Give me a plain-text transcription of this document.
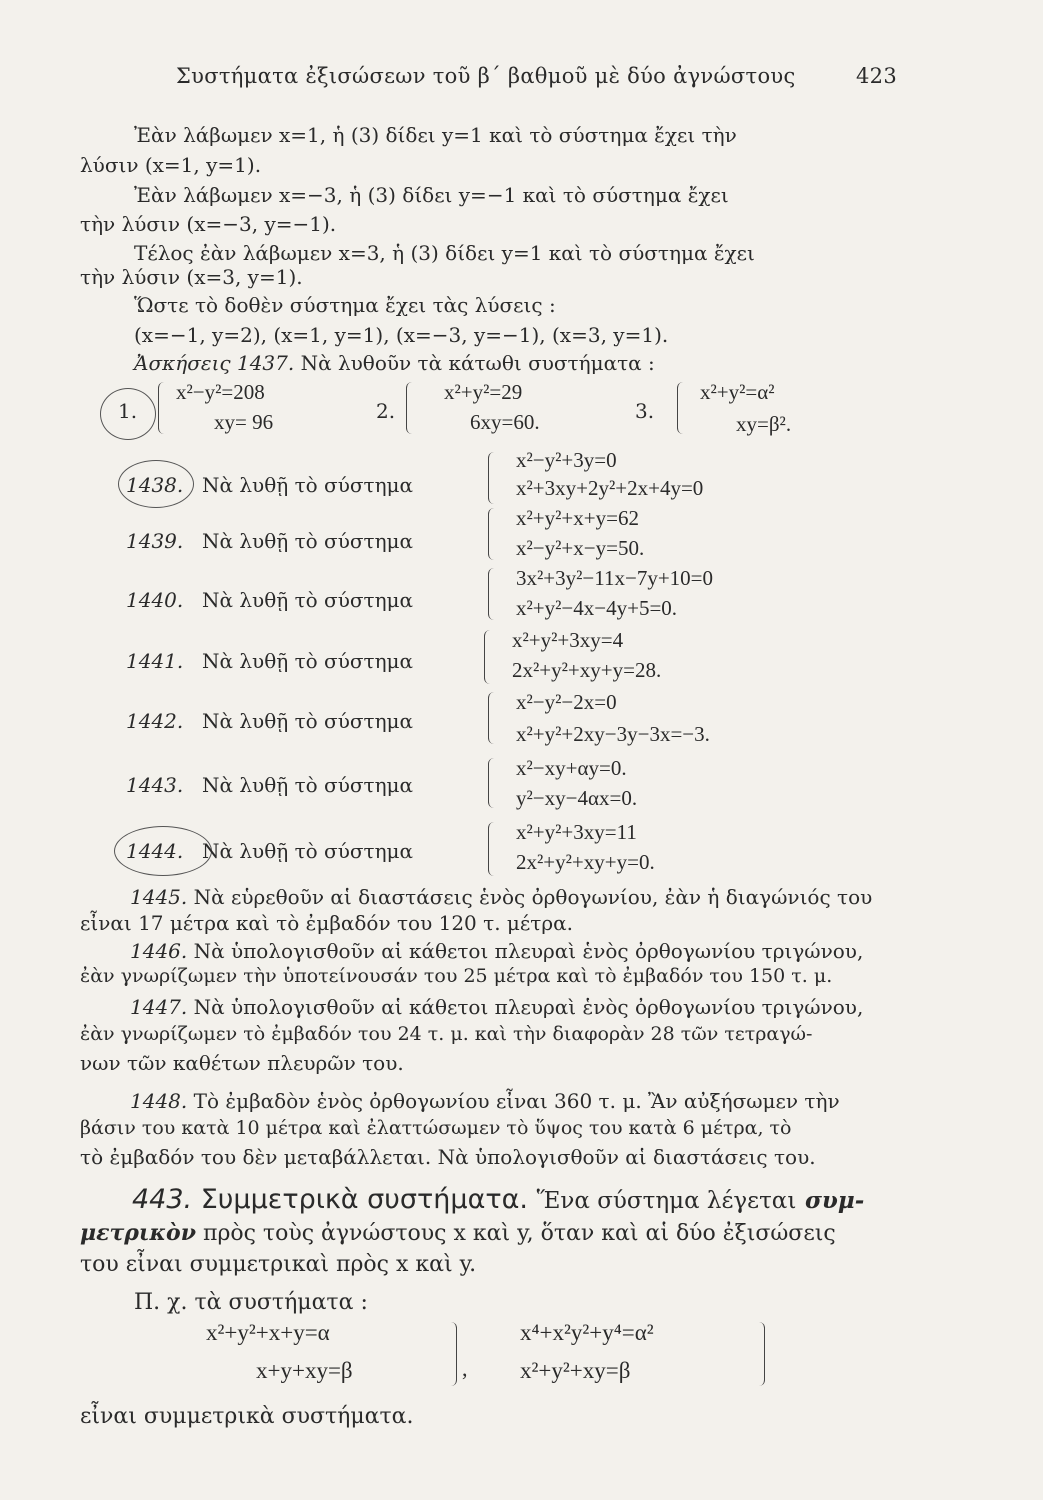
Συστήματα ἐξισώσεων τοῦ β΄ βαθμοῦ μὲ δύο ἀγνώστους	423
Ἐὰν λάβωμεν x=1, ἡ (3) δίδει y=1 καὶ τὸ σύστημα ἔχει τὴν
λύσιν (x=1, y=1).
Ἐὰν λάβωμεν x=−3, ἡ (3) δίδει y=−1 καὶ τὸ σύστημα ἔχει
τὴν λύσιν (x=−3, y=−1).
Τέλος ἐὰν λάβωμεν x=3, ἡ (3) δίδει y=1 καὶ τὸ σύστημα ἔχει
τὴν λύσιν (x=3, y=1).
Ὥστε τὸ δοθὲν σύστημα ἔχει τὰς λύσεις :
(x=−1, y=2), (x=1, y=1), (x=−3, y=−1), (x=3, y=1).
Ἀσκήσεις 1437. Νὰ λυθοῦν τὰ κάτωθι συστήματα :
1.
x²−y²=208
xy= 96	2.
x²+y²=29
6xy=60.	3.
x²+y²=α²
xy=β².
1438. Νὰ λυθῇ τὸ σύστημα
x²−y²+3y=0
x²+3xy+2y²+2x+4y=0
1439. Νὰ λυθῇ τὸ σύστημα
x²+y²+x+y=62
x²−y²+x−y=50.
1440. Νὰ λυθῇ τὸ σύστημα
3x²+3y²−11x−7y+10=0
x²+y²−4x−4y+5=0.
1441. Νὰ λυθῇ τὸ σύστημα
x²+y²+3xy=4
2x²+y²+xy+y=28.
1442. Νὰ λυθῇ τὸ σύστημα
x²−y²−2x=0
x²+y²+2xy−3y−3x=−3.
1443. Νὰ λυθῇ τὸ σύστημα
x²−xy+αy=0.
y²−xy−4αx=0.
1444. Νὰ λυθῇ τὸ σύστημα
x²+y²+3xy=11
2x²+y²+xy+y=0.
1445. Νὰ εὑρεθοῦν αἱ διαστάσεις ἑνὸς ὀρθογωνίου, ἐὰν ἡ διαγώνιός του
εἶναι 17 μέτρα καὶ τὸ ἐμβαδόν του 120 τ. μέτρα.
1446. Νὰ ὑπολογισθοῦν αἱ κάθετοι πλευραὶ ἑνὸς ὀρθογωνίου τριγώνου,
ἐὰν γνωρίζωμεν τὴν ὑποτείνουσάν του 25 μέτρα καὶ τὸ ἐμβαδόν του 150 τ. μ.
1447. Νὰ ὑπολογισθοῦν αἱ κάθετοι πλευραὶ ἑνὸς ὀρθογωνίου τριγώνου,
ἐὰν γνωρίζωμεν τὸ ἐμβαδόν του 24 τ. μ. καὶ τὴν διαφορὰν 28 τῶν τετραγώ-
νων τῶν καθέτων πλευρῶν του.
1448. Τὸ ἐμβαδὸν ἑνὸς ὀρθογωνίου εἶναι 360 τ. μ. Ἂν αὐξήσωμεν τὴν
βάσιν του κατὰ 10 μέτρα καὶ ἐλαττώσωμεν τὸ ὕψος του κατὰ 6 μέτρα, τὸ
τὸ ἐμβαδόν του δὲν μεταβάλλεται. Νὰ ὑπολογισθοῦν αἱ διαστάσεις του.
443. Συμμετρικὰ συστήματα. Ἕνα σύστημα λέγεται συμ-
μετρικὸν πρὸς τοὺς ἀγνώστους x καὶ y, ὅταν καὶ αἱ δύο ἐξισώσεις
του εἶναι συμμετρικαὶ πρὸς x καὶ y.
Π. χ. τὰ συστήματα :
x²+y²+x+y=α
x+y+xy=β	,
x⁴+x²y²+y⁴=α²
x²+y²+xy=β
εἶναι συμμετρικὰ συστήματα.
